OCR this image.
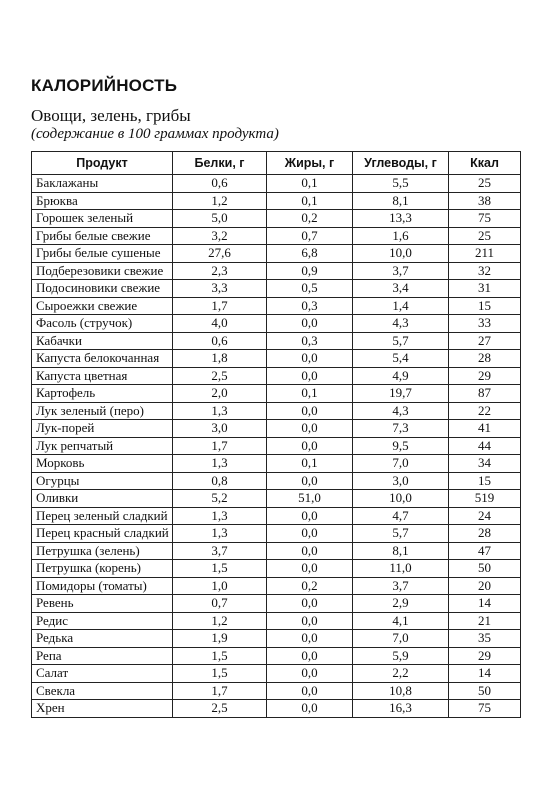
КАЛОРИЙНОСТЬ
Овощи, зелень, грибы
(содержание в 100 граммах продукта)
Продукт	Белки, г	Жиры, г	Углеводы, г	Ккал
Баклажаны	0,6	0,1	5,5	25
Брюква	1,2	0,1	8,1	38
Горошек зеленый	5,0	0,2	13,3	75
Грибы белые свежие	3,2	0,7	1,6	25
Грибы белые сушеные	27,6	6,8	10,0	211
Подберезовики свежие	2,3	0,9	3,7	32
Подосиновики свежие	3,3	0,5	3,4	31
Сыроежки свежие	1,7	0,3	1,4	15
Фасоль (стручок)	4,0	0,0	4,3	33
Кабачки	0,6	0,3	5,7	27
Капуста белокочанная	1,8	0,0	5,4	28
Капуста цветная	2,5	0,0	4,9	29
Картофель	2,0	0,1	19,7	87
Лук зеленый (перо)	1,3	0,0	4,3	22
Лук-порей	3,0	0,0	7,3	41
Лук репчатый	1,7	0,0	9,5	44
Морковь	1,3	0,1	7,0	34
Огурцы	0,8	0,0	3,0	15
Оливки	5,2	51,0	10,0	519
Перец зеленый сладкий	1,3	0,0	4,7	24
Перец красный сладкий	1,3	0,0	5,7	28
Петрушка (зелень)	3,7	0,0	8,1	47
Петрушка (корень)	1,5	0,0	11,0	50
Помидоры (томаты)	1,0	0,2	3,7	20
Ревень	0,7	0,0	2,9	14
Редис	1,2	0,0	4,1	21
Редька	1,9	0,0	7,0	35
Репа	1,5	0,0	5,9	29
Салат	1,5	0,0	2,2	14
Свекла	1,7	0,0	10,8	50
Хрен	2,5	0,0	16,3	75
